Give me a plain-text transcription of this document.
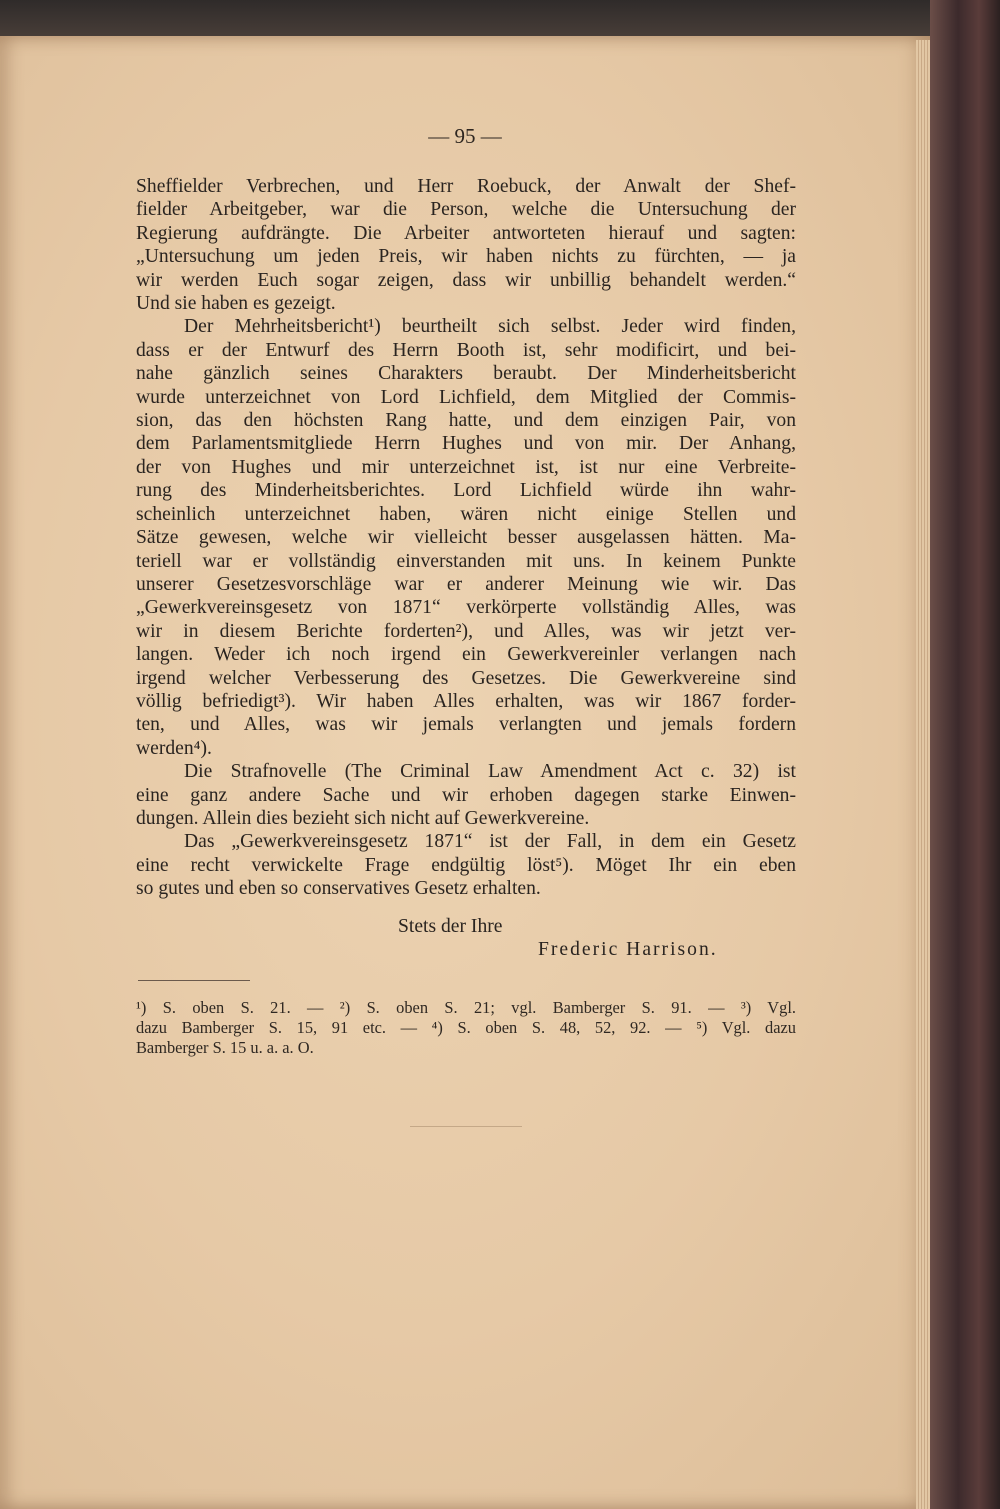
— 95 —
Sheffielder Verbrechen, und Herr Roebuck, der Anwalt der Shef-
fielder Arbeitgeber, war die Person, welche die Untersuchung der
Regierung aufdrängte. Die Arbeiter antworteten hierauf und sagten:
„Untersuchung um jeden Preis, wir haben nichts zu fürchten, — ja
wir werden Euch sogar zeigen, dass wir unbillig behandelt werden.“
Und sie haben es gezeigt.
Der Mehrheitsbericht¹) beurtheilt sich selbst. Jeder wird finden,
dass er der Entwurf des Herrn Booth ist, sehr modificirt, und bei-
nahe gänzlich seines Charakters beraubt. Der Minderheitsbericht
wurde unterzeichnet von Lord Lichfield, dem Mitglied der Commis-
sion, das den höchsten Rang hatte, und dem einzigen Pair, von
dem Parlamentsmitgliede Herrn Hughes und von mir. Der Anhang,
der von Hughes und mir unterzeichnet ist, ist nur eine Verbreite-
rung des Minderheitsberichtes. Lord Lichfield würde ihn wahr-
scheinlich unterzeichnet haben, wären nicht einige Stellen und
Sätze gewesen, welche wir vielleicht besser ausgelassen hätten. Ma-
teriell war er vollständig einverstanden mit uns. In keinem Punkte
unserer Gesetzesvorschläge war er anderer Meinung wie wir. Das
„Gewerkvereinsgesetz von 1871“ verkörperte vollständig Alles, was
wir in diesem Berichte forderten²), und Alles, was wir jetzt ver-
langen. Weder ich noch irgend ein Gewerkvereinler verlangen nach
irgend welcher Verbesserung des Gesetzes. Die Gewerkvereine sind
völlig befriedigt³). Wir haben Alles erhalten, was wir 1867 forder-
ten, und Alles, was wir jemals verlangten und jemals fordern
werden⁴).
Die Strafnovelle (The Criminal Law Amendment Act c. 32) ist
eine ganz andere Sache und wir erhoben dagegen starke Einwen-
dungen. Allein dies bezieht sich nicht auf Gewerkvereine.
Das „Gewerkvereinsgesetz 1871“ ist der Fall, in dem ein Gesetz
eine recht verwickelte Frage endgültig löst⁵). Möget Ihr ein eben
so gutes und eben so conservatives Gesetz erhalten.
Stets der Ihre
Frederic Harrison.
¹) S. oben S. 21. — ²) S. oben S. 21; vgl. Bamberger S. 91. — ³) Vgl.
dazu Bamberger S. 15, 91 etc. — ⁴) S. oben S. 48, 52, 92. — ⁵) Vgl. dazu
Bamberger S. 15 u. a. a. O.
